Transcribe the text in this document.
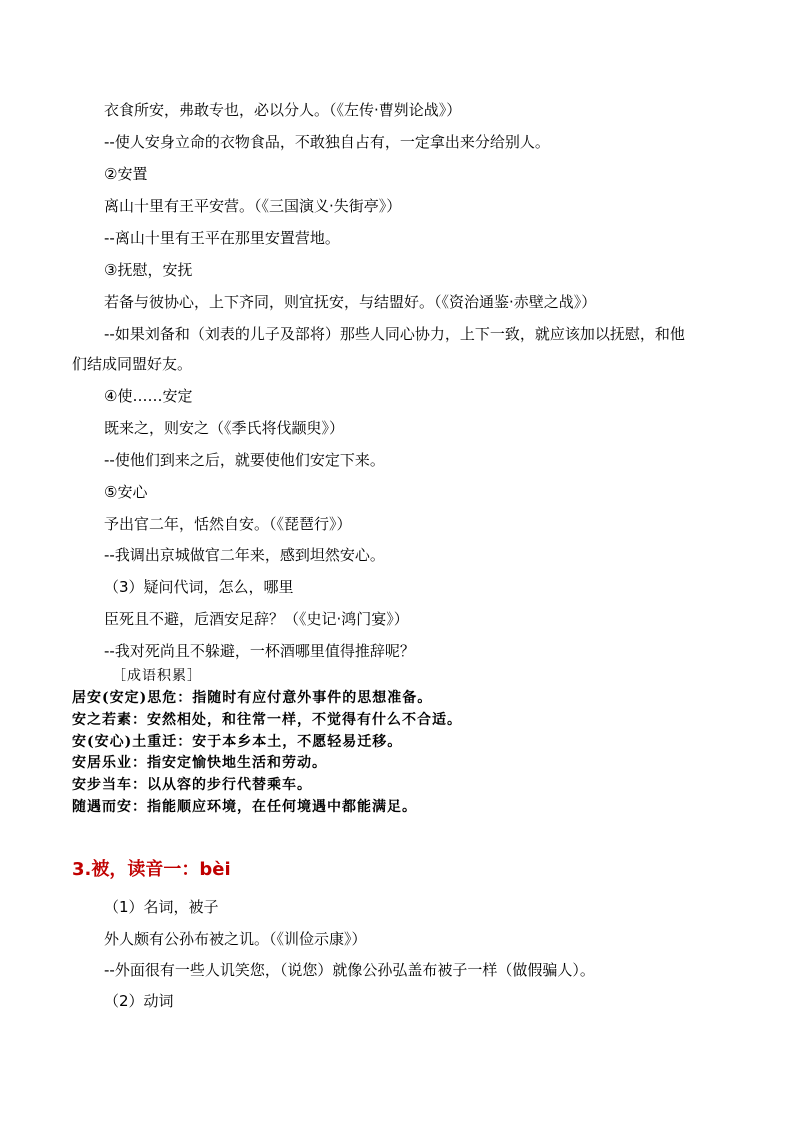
衣食所安，弗敢专也，必以分人。（《左传·曹刿论战》）
--使人安身立命的衣物食品，不敢独自占有，一定拿出来分给别人。
②安置
离山十里有王平安营。（《三国演义·失街亭》）
--离山十里有王平在那里安置营地。
③抚慰，安抚
若备与彼协心，上下齐同，则宜抚安，与结盟好。（《资治通鉴·赤壁之战》）
--如果刘备和（刘表的儿子及部将）那些人同心协力，上下一致，就应该加以抚慰，和他
们结成同盟好友。
④使……安定
既来之，则安之（《季氏将伐颛臾》）
--使他们到来之后，就要使他们安定下来。
⑤安心
予出官二年，恬然自安。（《琵琶行》）
--我调出京城做官二年来，感到坦然安心。
（3）疑问代词，怎么，哪里
臣死且不避，卮酒安足辞？（《史记·鸿门宴》）
--我对死尚且不躲避，一杯酒哪里值得推辞呢？
［成语积累］
居安(安定)思危：指随时有应付意外事件的思想准备。
安之若素：安然相处，和往常一样，不觉得有什么不合适。
安(安心)土重迁：安于本乡本土，不愿轻易迁移。
安居乐业：指安定愉快地生活和劳动。
安步当车：以从容的步行代替乘车。
随遇而安：指能顺应环境，在任何境遇中都能满足。
3.被，读音一：bèi
（1）名词，被子
外人颇有公孙布被之讥。（《训俭示康》）
--外面很有一些人讥笑您，（说您）就像公孙弘盖布被子一样（做假骗人）。
（2）动词
